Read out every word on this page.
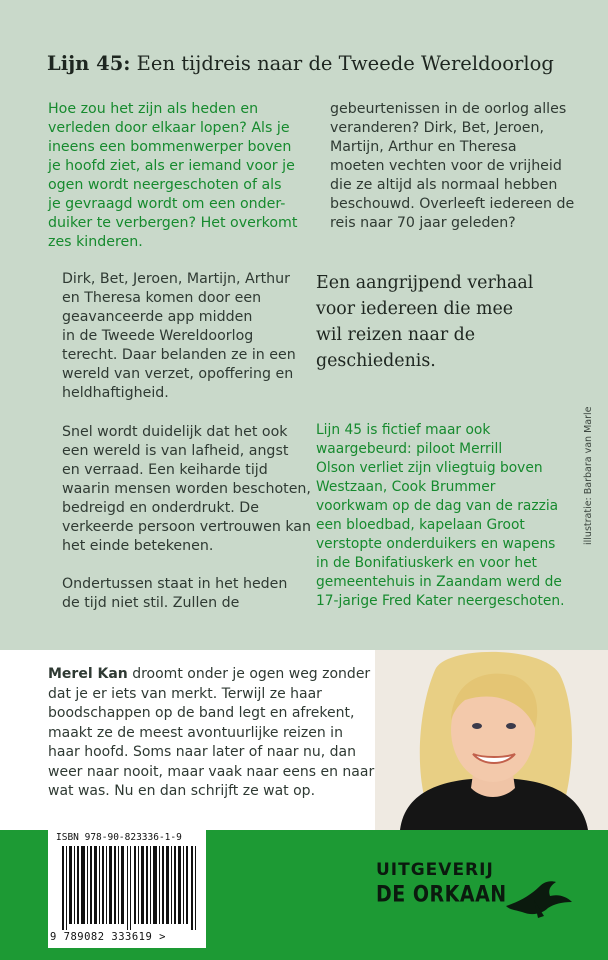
Lijn 45: Een tijdreis naar de Tweede Wereldoorlog

Hoe zou het zijn als heden en

verleden door elkaar lopen? Als je

ineens een bommenwerper boven

je hoofd ziet, als er iemand voor je

ogen wordt neergeschoten of als

je gevraagd wordt om een onder-

duiker te verbergen? Het overkomt

zes kinderen.

gebeurtenissen in de oorlog alles

veranderen? Dirk, Bet, Jeroen,

Martijn, Arthur en Theresa

moeten vechten voor de vrijheid

die ze altijd als normaal hebben

beschouwd. Overleeft iedereen de

reis naar 70 jaar geleden?

Dirk, Bet, Jeroen, Martijn, Arthur

en Theresa komen door een

geavanceerde app midden

in de Tweede Wereldoorlog

terecht. Daar belanden ze in een

wereld van verzet, opoffering en

heldhaftigheid.

Snel wordt duidelijk dat het ook

een wereld is van lafheid, angst

en verraad. Een keiharde tijd

waarin mensen worden beschoten,

bedreigd en onderdrukt. De

verkeerde persoon vertrouwen kan

het einde betekenen.

Ondertussen staat in het heden

de tijd niet stil. Zullen de

Een aangrijpend verhaal
voor iedereen die mee
wil reizen naar de
geschiedenis.

Lijn 45 is fictief maar ook

waargebeurd: piloot Merrill

Olson verliet zijn vliegtuig boven

Westzaan, Cook Brummer

voorkwam op de dag van de razzia

een bloedbad, kapelaan Groot

verstopte onderduikers en wapens

in de Bonifatiuskerk en voor het

gemeentehuis in Zaandam werd de

17-jarige Fred Kater neergeschoten.

illustratie: Barbara van Marle

Merel Kan droomt onder je ogen weg zonder

dat je er iets van merkt. Terwijl ze haar

boodschappen op de band legt en afrekent,

maakt ze de meest avontuurlijke reizen in

haar hoofd. Soms naar later of naar nu, dan

weer naar nooit, maar vaak naar eens en naar

wat was. Nu en dan schrijft ze wat op.

ISBN 978-90-823336-1-9
9 789082 333619 >
UITGEVERIJ
DE ORKAAN
